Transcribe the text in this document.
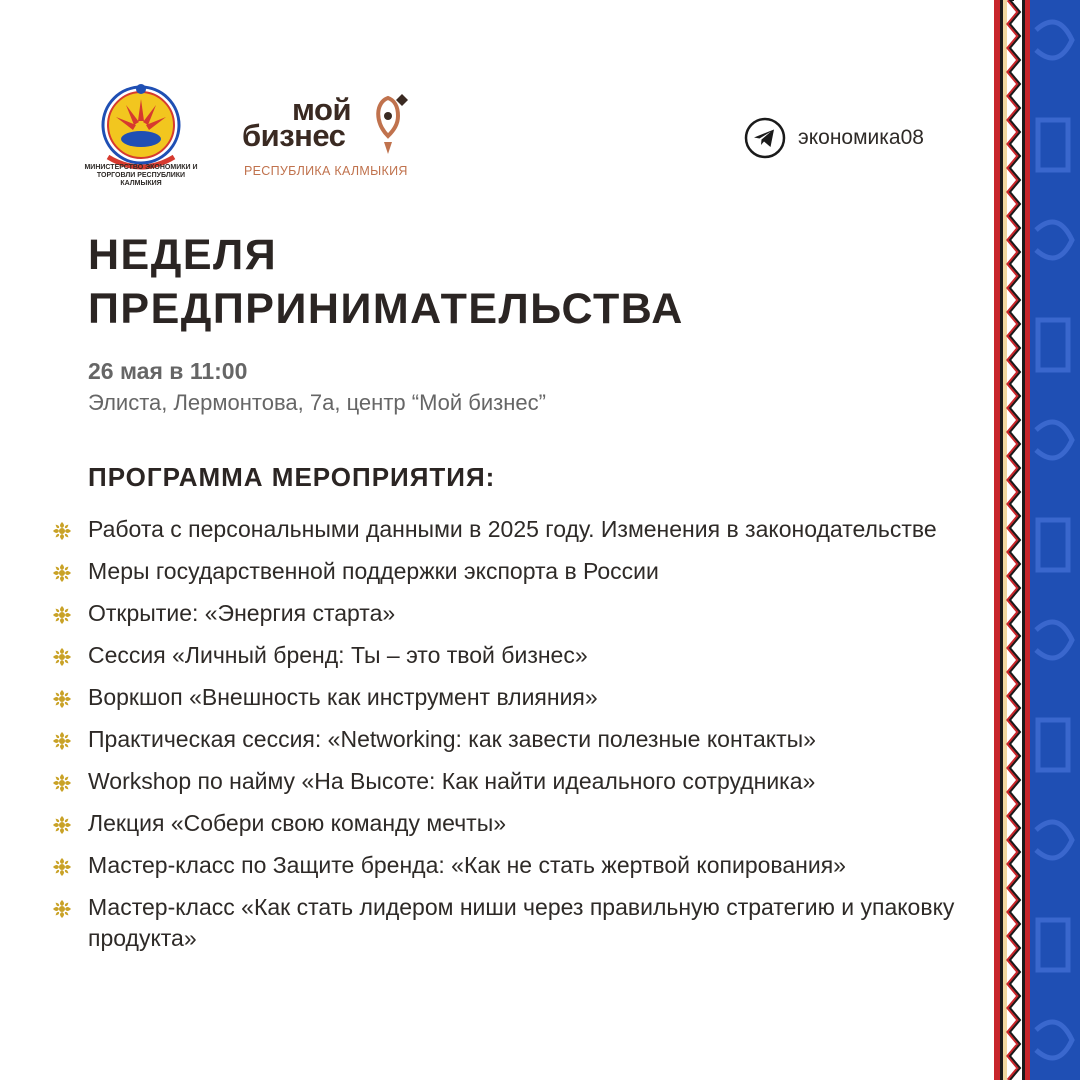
МИНИСТЕРСТВО ЭКОНОМИКИ И ТОРГОВЛИ РЕСПУБЛИКИ КАЛМЫКИЯ
мой
бизнес
РЕСПУБЛИКА КАЛМЫКИЯ
экономика08
НЕДЕЛЯ
ПРЕДПРИНИМАТЕЛЬСТВА
26 мая в 11:00
Элиста, Лермонтова, 7а, центр “Мой бизнес”
ПРОГРАММА МЕРОПРИЯТИЯ:
Работа с персональными данными в 2025 году. Изменения в законодательстве
Меры государственной поддержки экспорта в России
Открытие: «Энергия старта»
Сессия «Личный бренд: Ты – это твой бизнес»
Воркшоп «Внешность как инструмент влияния»
Практическая сессия: «Networking: как завести полезные контакты»
Workshop по найму «На Высоте: Как найти идеального сотрудника»
Лекция «Собери свою команду мечты»
Мастер-класс по Защите бренда: «Как не стать жертвой копирования»
Мастер-класс «Как стать лидером ниши через правильную стратегию и упаковку продукта»
